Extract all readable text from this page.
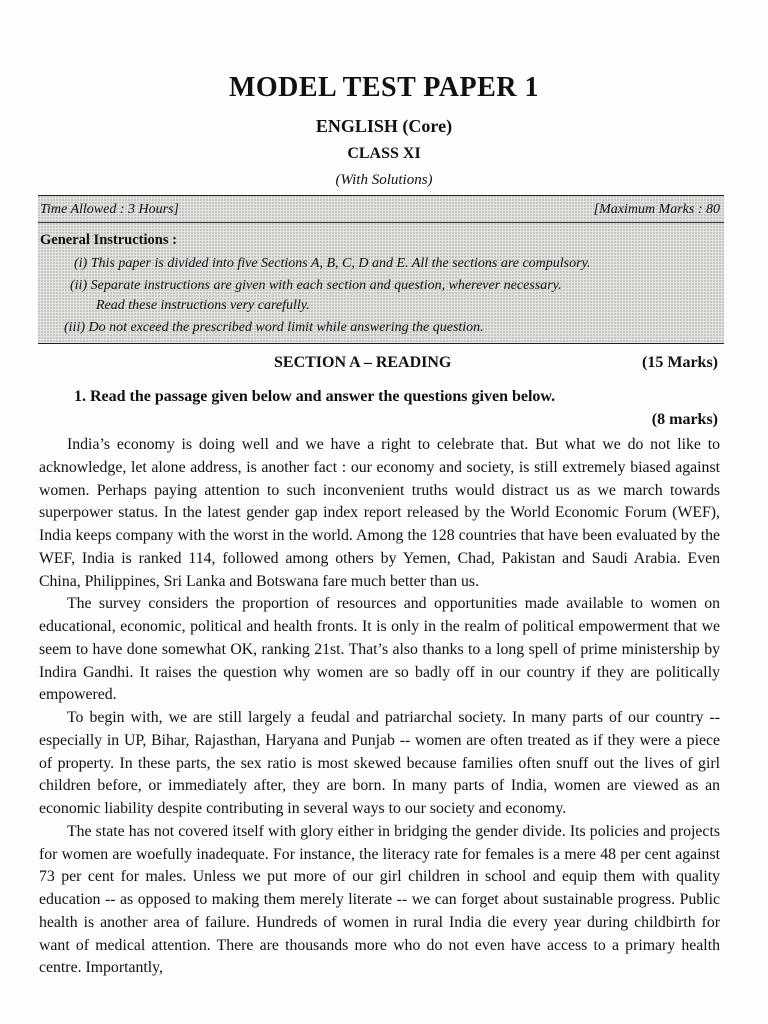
MODEL TEST PAPER 1
ENGLISH (Core)
CLASS XI
(With Solutions)
Time Allowed : 3 Hours]	[Maximum Marks : 80
General Instructions :
(i) This paper is divided into five Sections A, B, C, D and E. All the sections are compulsory.
(ii) Separate instructions are given with each section and question, wherever necessary.
Read these instructions very carefully.
(iii) Do not exceed the prescribed word limit while answering the question.
SECTION A – READING	(15 Marks)
1. Read the passage given below and answer the questions given below.
(8 marks)

India’s economy is doing well and we have a right to celebrate that. But what we do not like to acknowledge, let alone address, is another fact : our economy and society, is still extremely biased against women. Perhaps paying attention to such inconvenient truths would distract us as we march towards superpower status. In the latest gender gap index report released by the World Economic Forum (WEF), India keeps company with the worst in the world. Among the 128 countries that have been evaluated by the WEF, India is ranked 114, followed among others by Yemen, Chad, Pakistan and Saudi Arabia. Even China, Philippines, Sri Lanka and Botswana fare much better than us.

The survey considers the proportion of resources and opportunities made available to women on educational, economic, political and health fronts. It is only in the realm of political empowerment that we seem to have done somewhat OK, ranking 21st. That’s also thanks to a long spell of prime ministership by Indira Gandhi. It raises the question why women are so badly off in our country if they are politically empowered.

To begin with, we are still largely a feudal and patriarchal society. In many parts of our country -- especially in UP, Bihar, Rajasthan, Haryana and Punjab -- women are often treated as if they were a piece of property. In these parts, the sex ratio is most skewed because families often snuff out the lives of girl children before, or immediately after, they are born. In many parts of India, women are viewed as an economic liability despite contributing in several ways to our society and economy.

The state has not covered itself with glory either in bridging the gender divide. Its policies and projects for women are woefully inadequate. For instance, the literacy rate for females is a mere 48 per cent against 73 per cent for males. Unless we put more of our girl children in school and equip them with quality education -- as opposed to making them merely literate -- we can forget about sustainable progress. Public health is another area of failure. Hundreds of women in rural India die every year during childbirth for want of medical attention. There are thousands more who do not even have access to a primary health centre. Importantly,
